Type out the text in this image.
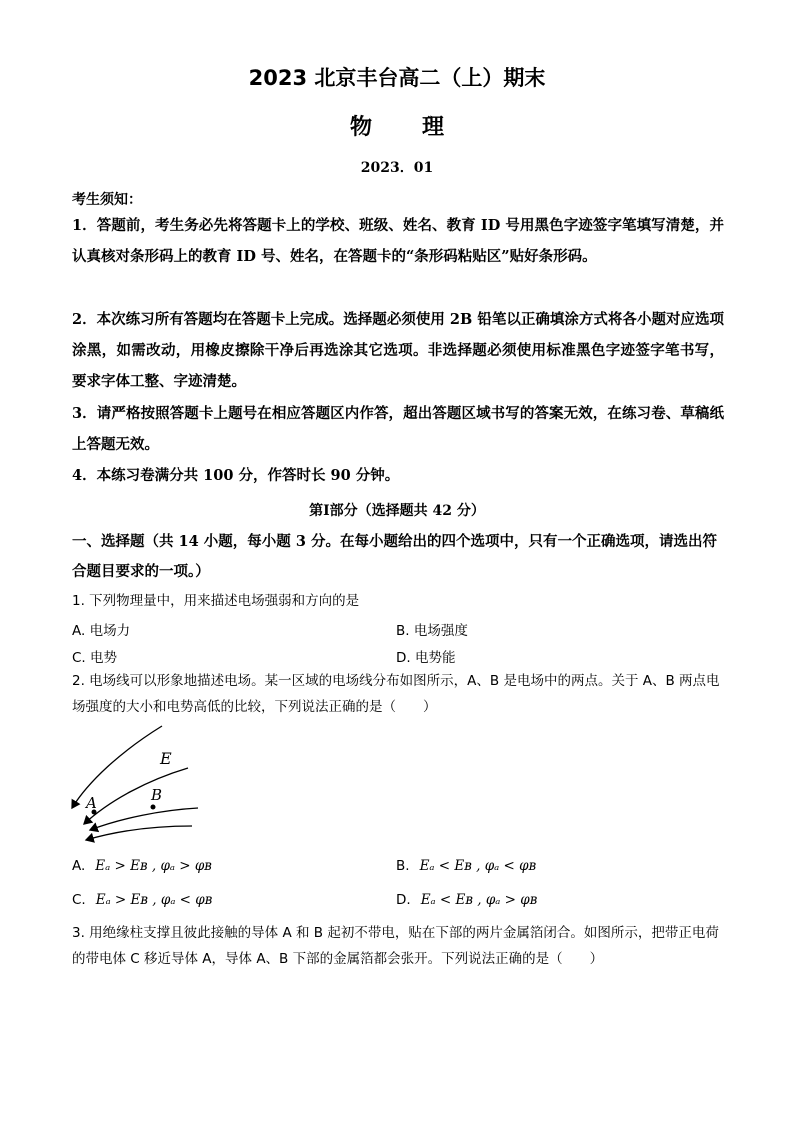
2023 北京丰台高二（上）期末
物 理
2023．01
考生须知：
1．答题前，考生务必先将答题卡上的学校、班级、姓名、教育 ID 号用黑色字迹签字笔填写清楚，并认真核对条形码上的教育 ID 号、姓名，在答题卡的“条形码粘贴区”贴好条形码。
2．本次练习所有答题均在答题卡上完成。选择题必须使用 2B 铅笔以正确填涂方式将各小题对应选项涂黑，如需改动，用橡皮擦除干净后再选涂其它选项。非选择题必须使用标准黑色字迹签字笔书写，要求字体工整、字迹清楚。
3．请严格按照答题卡上题号在相应答题区内作答，超出答题区域书写的答案无效，在练习卷、草稿纸上答题无效。
4．本练习卷满分共 100 分，作答时长 90 分钟。
第Ⅰ部分（选择题共 42 分）
一、选择题（共 14 小题，每小题 3 分。在每小题给出的四个选项中，只有一个正确选项，请选出符合题目要求的一项。）
1. 下列物理量中，用来描述电场强弱和方向的是
A. 电场力	B. 电场强度
C. 电势	D. 电势能
2. 电场线可以形象地描述电场。某一区域的电场线分布如图所示，A、B 是电场中的两点。关于 A、B 两点电场强度的大小和电势高低的比较，下列说法正确的是（　　）
E
A	B
A. Eₐ > Eʙ , φₐ > φʙ	B. Eₐ < Eʙ , φₐ < φʙ
C. Eₐ > Eʙ , φₐ < φʙ	D. Eₐ < Eʙ , φₐ > φʙ
3. 用绝缘柱支撑且彼此接触的导体 A 和 B 起初不带电，贴在下部的两片金属箔闭合。如图所示，把带正电荷的带电体 C 移近导体 A，导体 A、B 下部的金属箔都会张开。下列说法正确的是（　　）
